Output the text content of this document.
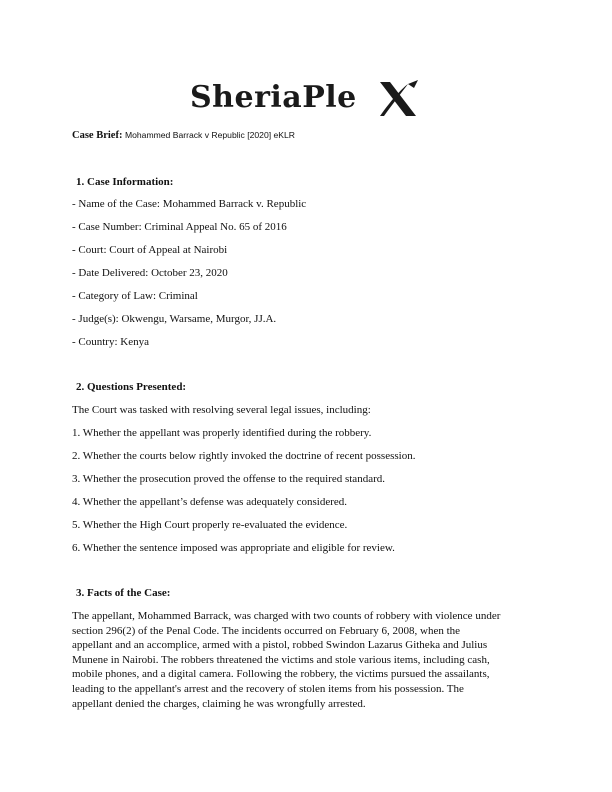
SheriaPle
Case Brief: Mohammed Barrack v Republic [2020] eKLR
1. Case Information:
- Name of the Case: Mohammed Barrack v. Republic
- Case Number: Criminal Appeal No. 65 of 2016
- Court: Court of Appeal at Nairobi
- Date Delivered: October 23, 2020
- Category of Law: Criminal
- Judge(s): Okwengu, Warsame, Murgor, JJ.A.
- Country: Kenya
2. Questions Presented:
The Court was tasked with resolving several legal issues, including:
1. Whether the appellant was properly identified during the robbery.
2. Whether the courts below rightly invoked the doctrine of recent possession.
3. Whether the prosecution proved the offense to the required standard.
4. Whether the appellant’s defense was adequately considered.
5. Whether the High Court properly re-evaluated the evidence.
6. Whether the sentence imposed was appropriate and eligible for review.
3. Facts of the Case:
The appellant, Mohammed Barrack, was charged with two counts of robbery with violence under
section 296(2) of the Penal Code. The incidents occurred on February 6, 2008, when the
appellant and an accomplice, armed with a pistol, robbed Swindon Lazarus Githeka and Julius
Munene in Nairobi. The robbers threatened the victims and stole various items, including cash,
mobile phones, and a digital camera. Following the robbery, the victims pursued the assailants,
leading to the appellant's arrest and the recovery of stolen items from his possession. The
appellant denied the charges, claiming he was wrongfully arrested.
